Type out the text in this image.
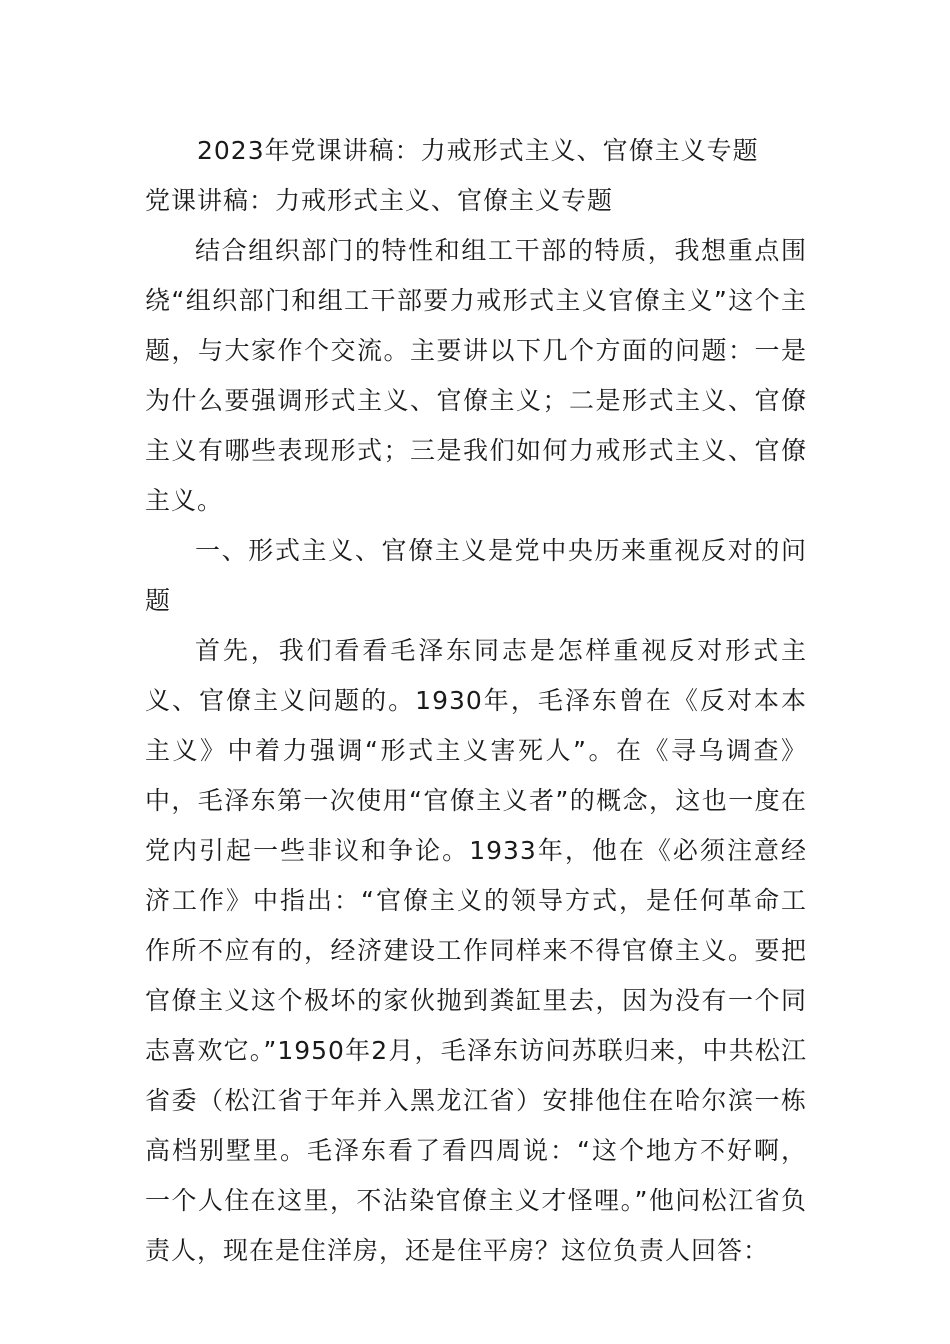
2023年党课讲稿：力戒形式主义、官僚主义专题

党课讲稿：力戒形式主义、官僚主义专题

结合组织部门的特性和组工干部的特质，我想重点围绕“组织部门和组工干部要力戒形式主义官僚主义”这个主题，与大家作个交流。主要讲以下几个方面的问题：一是为什么要强调形式主义、官僚主义；二是形式主义、官僚主义有哪些表现形式；三是我们如何力戒形式主义、官僚主义。

一、形式主义、官僚主义是党中央历来重视反对的问题

首先，我们看看毛泽东同志是怎样重视反对形式主义、官僚主义问题的。1930年，毛泽东曾在《反对本本主义》中着力强调“形式主义害死人”。在《寻乌调查》中，毛泽东第一次使用“官僚主义者”的概念，这也一度在党内引起一些非议和争论。1933年，他在《必须注意经济工作》中指出：“官僚主义的领导方式，是任何革命工作所不应有的，经济建设工作同样来不得官僚主义。要把官僚主义这个极坏的家伙抛到粪缸里去，因为没有一个同志喜欢它。”1950年2月，毛泽东访问苏联归来，中共松江省委（松江省于年并入黑龙江省）安排他住在哈尔滨一栋高档别墅里。毛泽东看了看四周说：“这个地方不好啊，一个人住在这里，不沾染官僚主义才怪哩。”他问松江省负责人，现在是住洋房，还是住平房？这位负责人回答：
